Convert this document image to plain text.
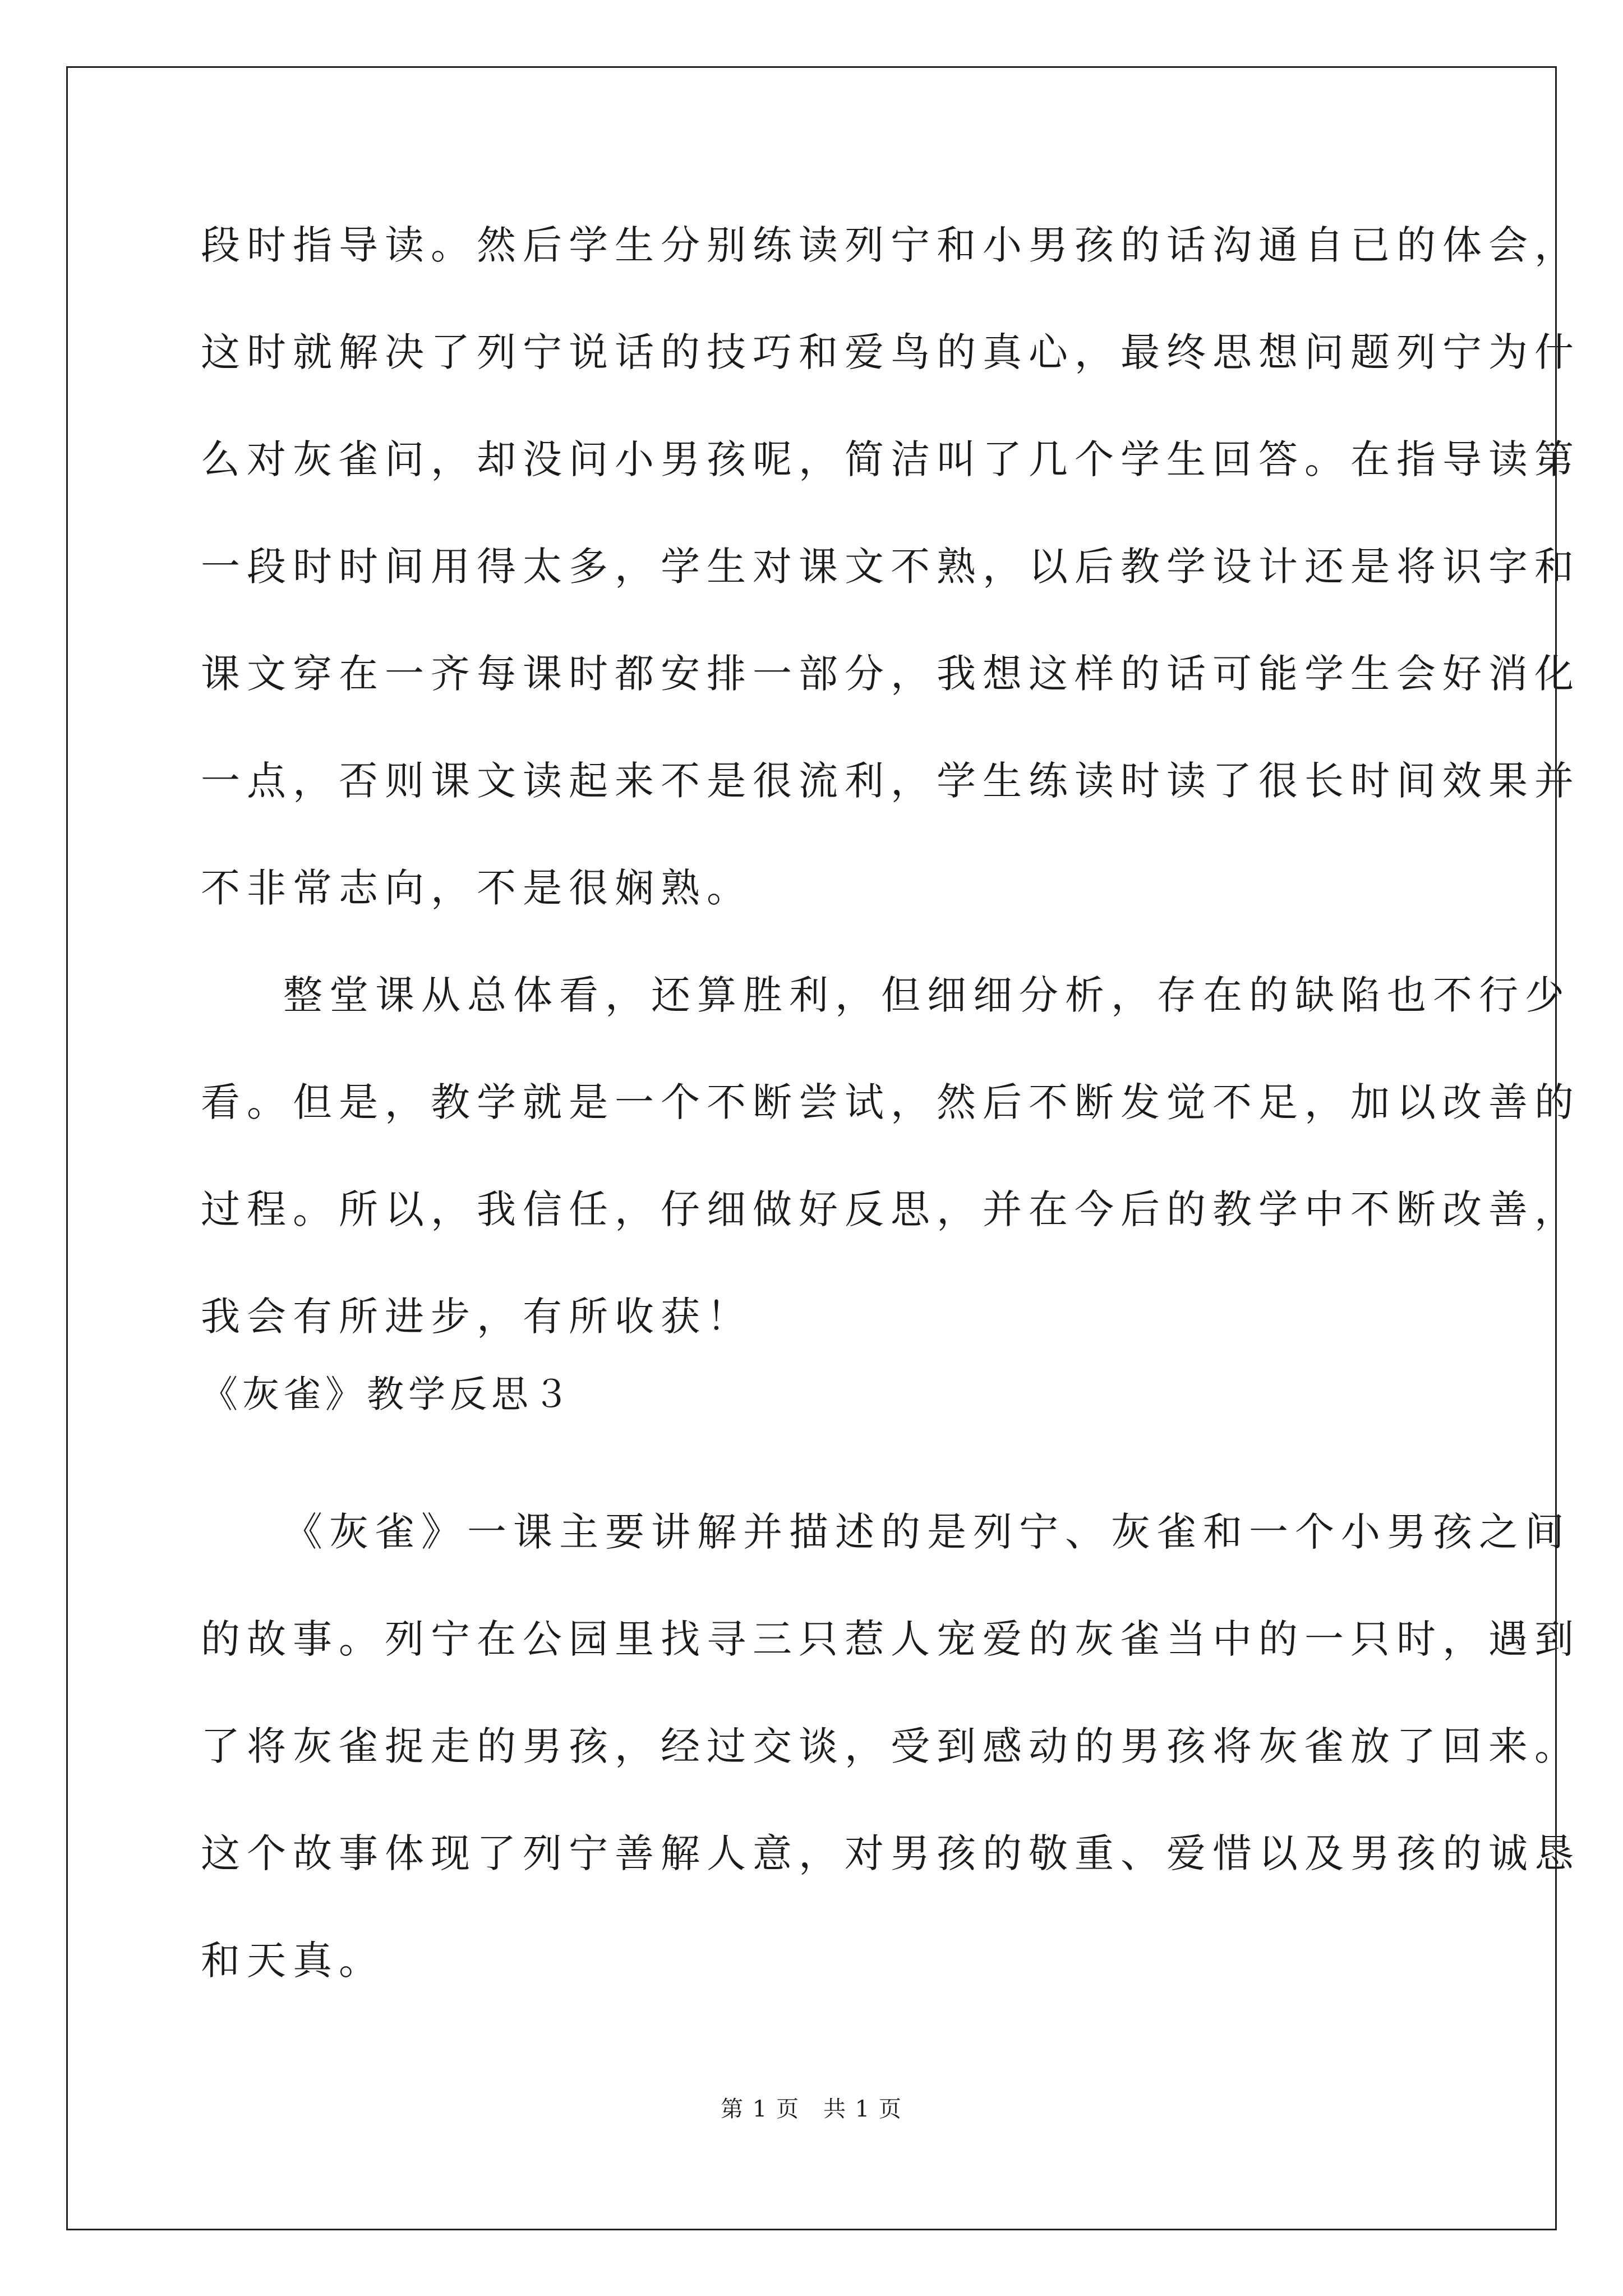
段时指导读。然后学生分别练读列宁和小男孩的话沟通自已的体会，
这时就解决了列宁说话的技巧和爱鸟的真心，最终思想问题列宁为什
么对灰雀问，却没问小男孩呢，简洁叫了几个学生回答。在指导读第
一段时时间用得太多，学生对课文不熟，以后教学设计还是将识字和
课文穿在一齐每课时都安排一部分，我想这样的话可能学生会好消化
一点，否则课文读起来不是很流利，学生练读时读了很长时间效果并
不非常志向，不是很娴熟。
整堂课从总体看，还算胜利，但细细分析，存在的缺陷也不行少
看。但是，教学就是一个不断尝试，然后不断发觉不足，加以改善的
过程。所以，我信任，仔细做好反思，并在今后的教学中不断改善，
我会有所进步，有所收获！
《灰雀》教学反思３
《灰雀》一课主要讲解并描述的是列宁、灰雀和一个小男孩之间
的故事。列宁在公园里找寻三只惹人宠爱的灰雀当中的一只时，遇到
了将灰雀捉走的男孩，经过交谈，受到感动的男孩将灰雀放了回来。
这个故事体现了列宁善解人意，对男孩的敬重、爱惜以及男孩的诚恳
和天真。
第 1 页　共 1 页
